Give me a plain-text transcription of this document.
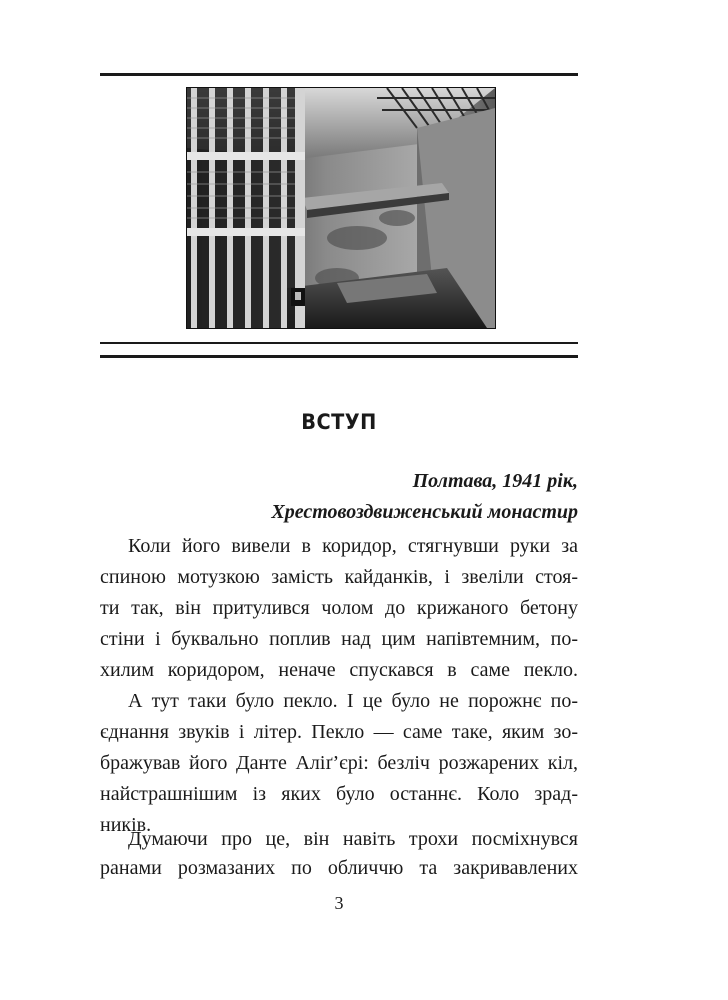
ВСТУП
Полтава, 1941 рік,
Хрестовоздвиженський монастир
Коли його вивели в коридор, стягнувши руки за
спиною мотузкою замість кайданків, і звеліли стоя-
ти так, він притулився чолом до крижаного бетону
стіни і буквально поплив над цим напівтемним, по-
хилим коридором, неначе спускався в саме пекло.
А тут таки було пекло. І це було не порожнє по-
єднання звуків і літер. Пекло — саме таке, яким зо-
бражував його Данте Аліґ’єрі: безліч розжарених кіл,
найстрашнішим із яких було останнє. Коло зрад-
ників.
Думаючи про це, він навіть трохи посміхнувся
ранами розмазаних по обличчю та закривавлених
3
